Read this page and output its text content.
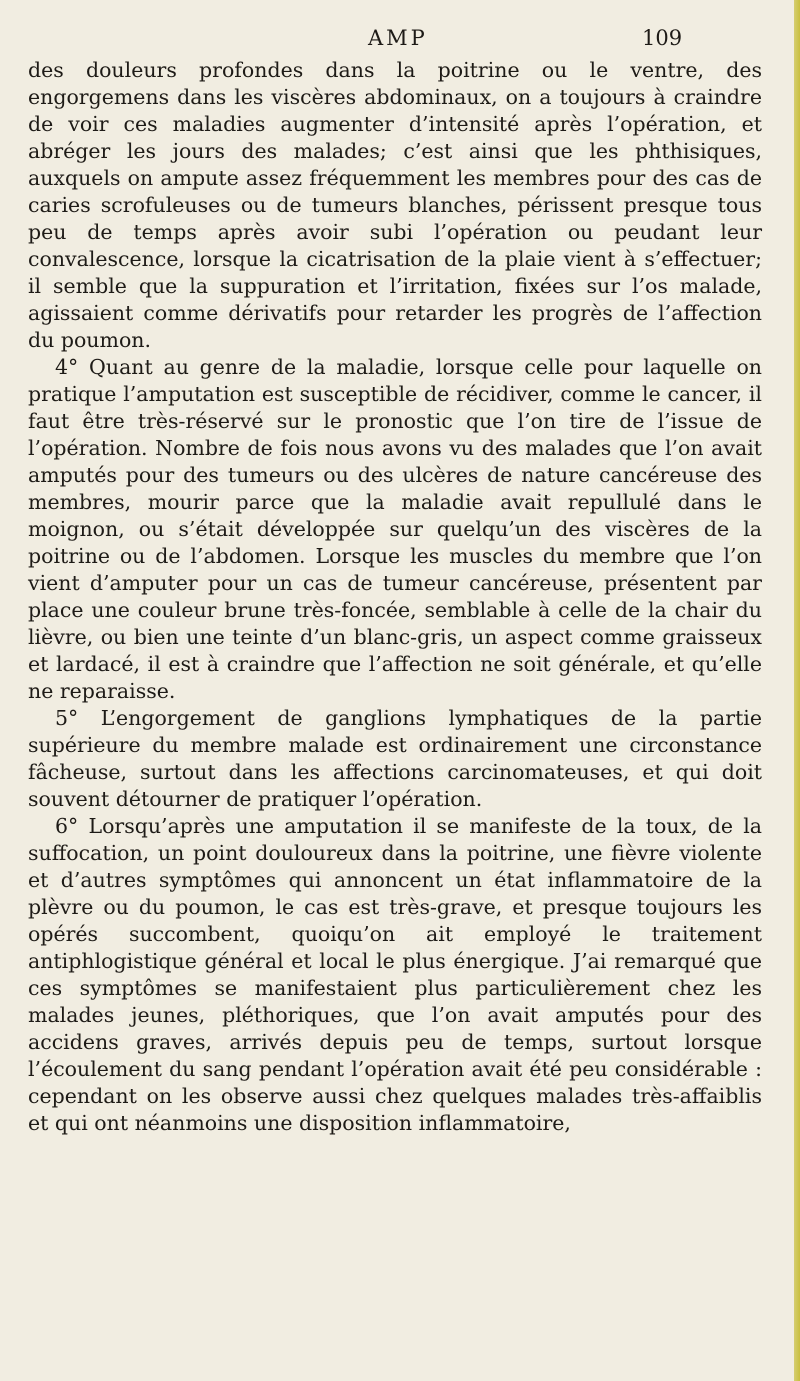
AMP	109

des douleurs profondes dans la poitrine ou le ventre, des engorgemens dans les viscères abdominaux, on a toujours à craindre de voir ces maladies augmenter d’intensité après l’opération, et abréger les jours des malades; c’est ainsi que les phthisiques, auxquels on ampute assez fréquemment les membres pour des cas de caries scrofuleuses ou de tumeurs blanches, périssent presque tous peu de temps après avoir subi l’opération ou peudant leur convalescence, lorsque la cicatrisation de la plaie vient à s’effectuer; il semble que la suppuration et l’irritation, fixées sur l’os malade, agissaient comme dérivatifs pour retarder les progrès de l’affection du poumon.

4° Quant au genre de la maladie, lorsque celle pour laquelle on pratique l’amputation est susceptible de récidiver, comme le cancer, il faut être très-réservé sur le pronostic que l’on tire de l’issue de l’opération. Nombre de fois nous avons vu des malades que l’on avait amputés pour des tumeurs ou des ulcères de nature cancéreuse des membres, mourir parce que la maladie avait repullulé dans le moignon, ou s’était développée sur quelqu’un des viscères de la poitrine ou de l’abdomen. Lorsque les muscles du membre que l’on vient d’amputer pour un cas de tumeur cancéreuse, présentent par place une couleur brune très-foncée, semblable à celle de la chair du lièvre, ou bien une teinte d’un blanc-gris, un aspect comme graisseux et lardacé, il est à craindre que l’affection ne soit générale, et qu’elle ne reparaisse.

5° L’engorgement de ganglions lymphatiques de la partie supérieure du membre malade est ordinairement une circonstance fâcheuse, surtout dans les affections carcinomateuses, et qui doit souvent détourner de pratiquer l’opération.

6° Lorsqu’après une amputation il se manifeste de la toux, de la suffocation, un point douloureux dans la poitrine, une fièvre violente et d’autres symptômes qui annoncent un état inflammatoire de la plèvre ou du poumon, le cas est très-grave, et presque toujours les opérés succombent, quoiqu’on ait employé le traitement antiphlogistique général et local le plus énergique. J’ai remarqué que ces symptômes se manifestaient plus particulièrement chez les malades jeunes, pléthoriques, que l’on avait amputés pour des accidens graves, arrivés depuis peu de temps, surtout lorsque l’écoulement du sang pendant l’opération avait été peu considérable : cependant on les observe aussi chez quelques malades très-affaiblis et qui ont néanmoins une disposition inflammatoire,
